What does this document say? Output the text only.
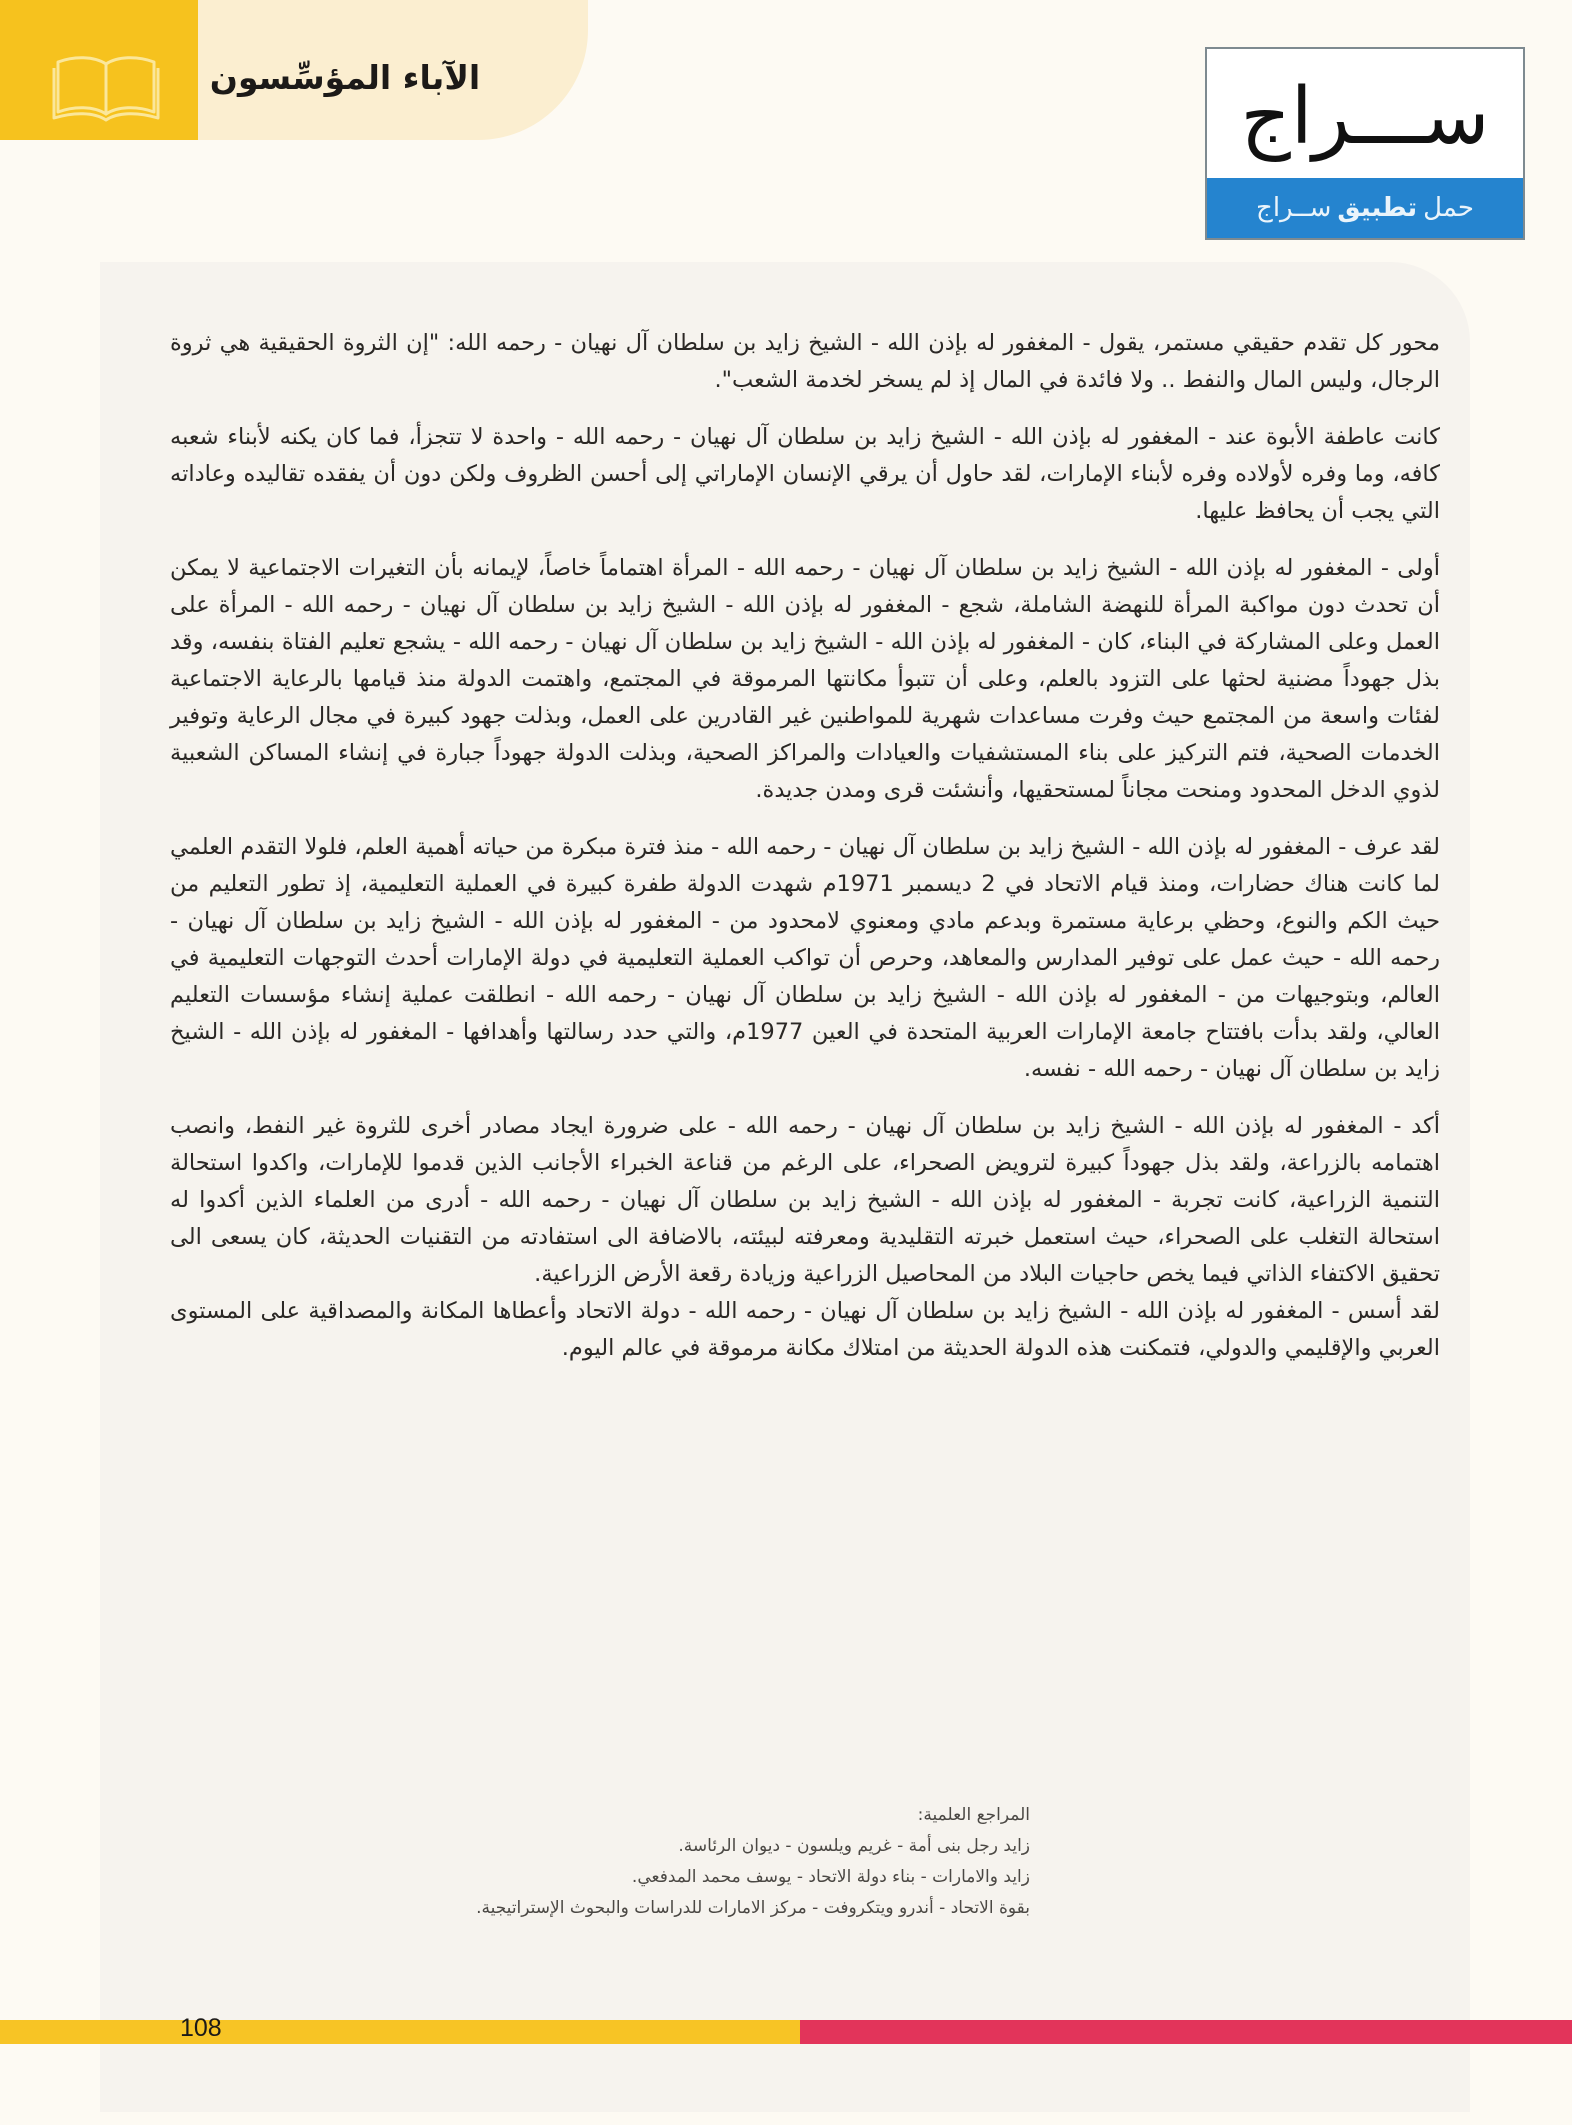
الآباء المؤسِّسون	ســـراج
حمل
تطبيق
ســراج

محور كل تقدم حقيقي مستمر، يقول - المغفور له بإذن الله - الشيخ زايد بن سلطان آل نهيان - رحمه الله: "إن الثروة الحقيقية هي ثروة الرجال، وليس المال والنفط .. ولا فائدة في المال إذ لم يسخر لخدمة الشعب".

كانت عاطفة الأبوة عند - المغفور له بإذن الله - الشيخ زايد بن سلطان آل نهيان - رحمه الله - واحدة لا تتجزأ، فما كان يكنه لأبناء شعبه كافه، وما وفره لأولاده وفره لأبناء الإمارات، لقد حاول أن يرقي الإنسان الإماراتي إلى أحسن الظروف ولكن دون أن يفقده تقاليده وعاداته التي يجب أن يحافظ عليها.

أولى - المغفور له بإذن الله - الشيخ زايد بن سلطان آل نهيان - رحمه الله - المرأة اهتماماً خاصاً، لإيمانه بأن التغيرات الاجتماعية لا يمكن أن تحدث دون مواكبة المرأة للنهضة الشاملة، شجع - المغفور له بإذن الله - الشيخ زايد بن سلطان آل نهيان - رحمه الله - المرأة على العمل وعلى المشاركة في البناء، كان - المغفور له بإذن الله - الشيخ زايد بن سلطان آل نهيان - رحمه الله - يشجع تعليم الفتاة بنفسه، وقد بذل جهوداً مضنية لحثها على التزود بالعلم، وعلى أن تتبوأ مكانتها المرموقة في المجتمع، واهتمت الدولة منذ قيامها بالرعاية الاجتماعية لفئات واسعة من المجتمع حيث وفرت مساعدات شهرية للمواطنين غير القادرين على العمل، وبذلت جهود كبيرة في مجال الرعاية وتوفير الخدمات الصحية، فتم التركيز على بناء المستشفيات والعيادات والمراكز الصحية، وبذلت الدولة جهوداً جبارة في إنشاء المساكن الشعبية لذوي الدخل المحدود ومنحت مجاناً لمستحقيها، وأنشئت قرى ومدن جديدة.

لقد عرف - المغفور له بإذن الله - الشيخ زايد بن سلطان آل نهيان - رحمه الله - منذ فترة مبكرة من حياته أهمية العلم، فلولا التقدم العلمي لما كانت هناك حضارات، ومنذ قيام الاتحاد في 2 ديسمبر 1971م شهدت الدولة طفرة كبيرة في العملية التعليمية، إذ تطور التعليم من حيث الكم والنوع، وحظي برعاية مستمرة وبدعم مادي ومعنوي لامحدود من - المغفور له بإذن الله - الشيخ زايد بن سلطان آل نهيان - رحمه الله - حيث عمل على توفير المدارس والمعاهد، وحرص أن تواكب العملية التعليمية في دولة الإمارات أحدث التوجهات التعليمية في العالم، وبتوجيهات من - المغفور له بإذن الله - الشيخ زايد بن سلطان آل نهيان - رحمه الله - انطلقت عملية إنشاء مؤسسات التعليم العالي، ولقد بدأت بافتتاح جامعة الإمارات العربية المتحدة في العين 1977م، والتي حدد رسالتها وأهدافها - المغفور له بإذن الله - الشيخ زايد بن سلطان آل نهيان - رحمه الله - نفسه.

أكد - المغفور له بإذن الله - الشيخ زايد بن سلطان آل نهيان - رحمه الله - على ضرورة ايجاد مصادر أخرى للثروة غير النفط، وانصب اهتمامه بالزراعة، ولقد بذل جهوداً كبيرة لترويض الصحراء، على الرغم من قناعة الخبراء الأجانب الذين قدموا للإمارات، واكدوا استحالة التنمية الزراعية، كانت تجربة - المغفور له بإذن الله - الشيخ زايد بن سلطان آل نهيان - رحمه الله - أدرى من العلماء الذين أكدوا له استحالة التغلب على الصحراء، حيث استعمل خبرته التقليدية ومعرفته لبيئته، بالاضافة الى استفادته من التقنيات الحديثة، كان يسعى الى تحقيق الاكتفاء الذاتي فيما يخص حاجيات البلاد من المحاصيل الزراعية وزيادة رقعة الأرض الزراعية.

لقد أسس - المغفور له بإذن الله - الشيخ زايد بن سلطان آل نهيان - رحمه الله - دولة الاتحاد وأعطاها المكانة والمصداقية على المستوى العربي والإقليمي والدولي، فتمكنت هذه الدولة الحديثة من امتلاك مكانة مرموقة في عالم اليوم.

المراجع العلمية:
زايد رجل بنى أمة - غريم ويلسون - ديوان الرئاسة.
زايد والامارات - بناء دولة الاتحاد - يوسف محمد المدفعي.
بقوة الاتحاد - أندرو ويتكروفت - مركز الامارات للدراسات والبحوث الإستراتيجية.
108
